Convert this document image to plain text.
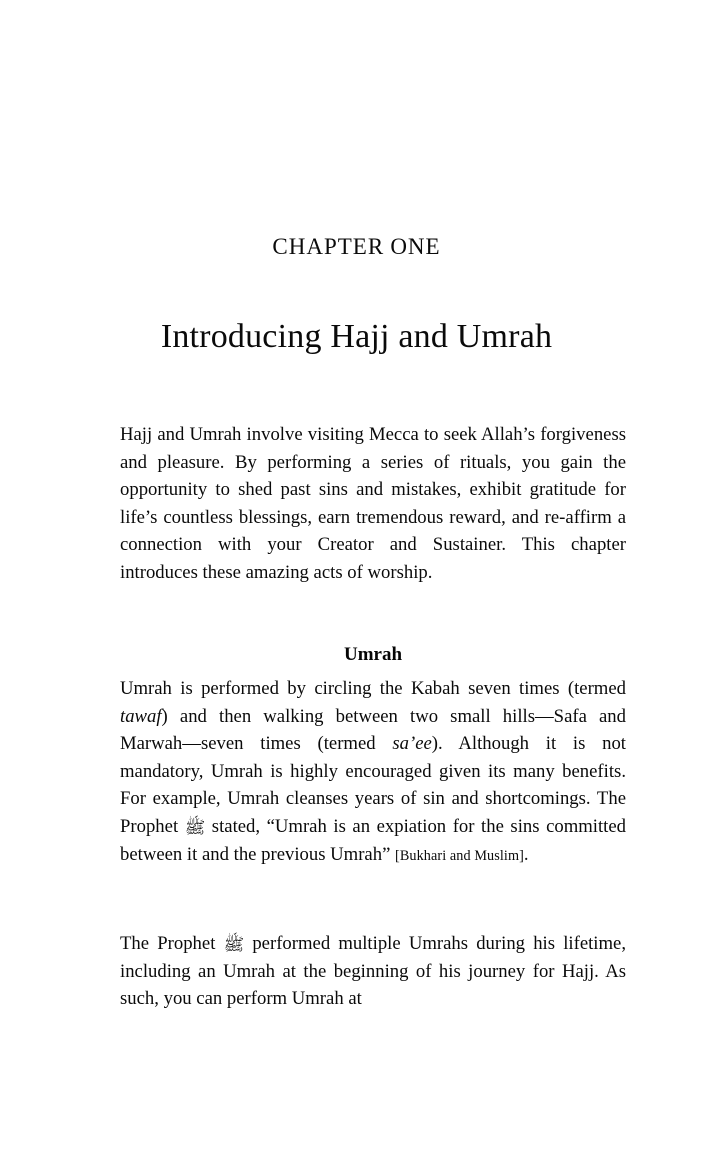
CHAPTER ONE
Introducing Hajj and Umrah

Hajj and Umrah involve visiting Mecca to seek Allah’s forgiveness and pleasure. By performing a series of rituals, you gain the opportunity to shed past sins and mistakes, exhibit gratitude for life’s countless blessings, earn tremendous reward, and re-affirm a connection with your Creator and Sustainer. This chapter introduces these amazing acts of worship.

Umrah

Umrah is performed by circling the Kabah seven times (termed tawaf) and then walking between two small hills—Safa and Marwah—seven times (termed sa’ee). Although it is not mandatory, Umrah is highly encouraged given its many benefits. For example, Umrah cleanses years of sin and shortcomings. The Prophet ﷺ stated, “Umrah is an expiation for the sins committed between it and the previous Umrah” [Bukhari and Muslim].

The Prophet ﷺ performed multiple Umrahs during his lifetime, including an Umrah at the beginning of his journey for Hajj. As such, you can perform Umrah at
